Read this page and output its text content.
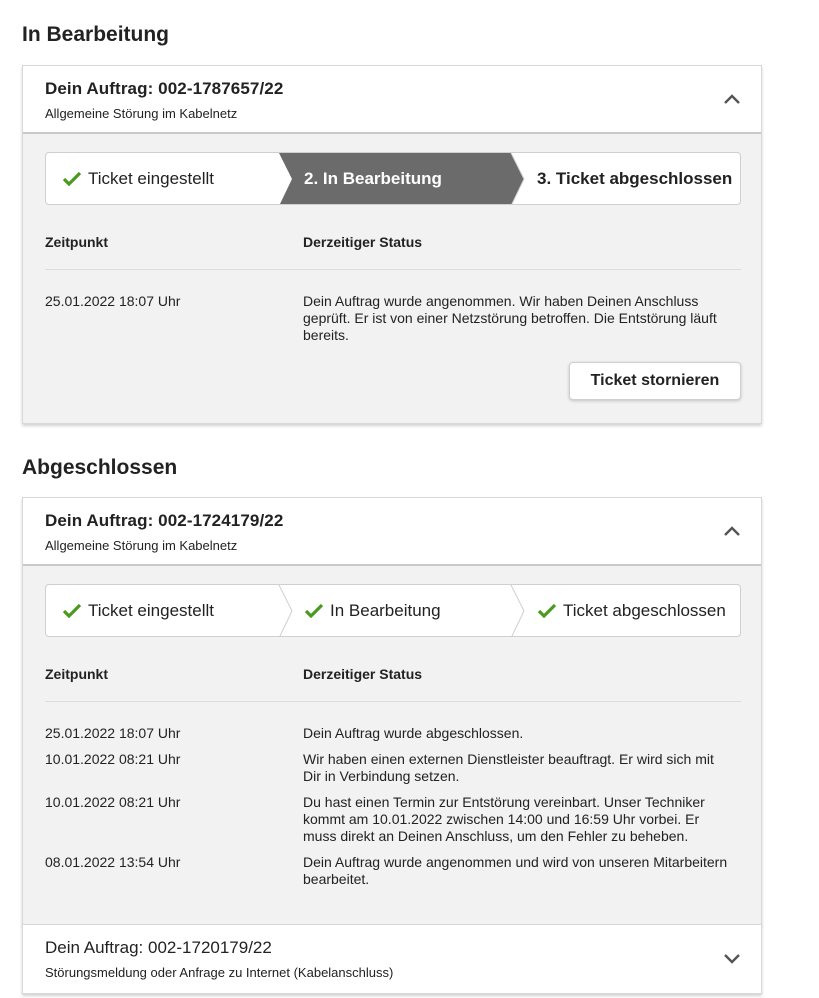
In Bearbeitung
Dein Auftrag: 002-1787657/22
Allgemeine Störung im Kabelnetz
Ticket eingestellt	2. In Bearbeitung	3. Ticket abgeschlossen
Zeitpunkt	Derzeitiger Status
25.01.2022 18:07 Uhr	Dein Auftrag wurde angenommen. Wir haben Deinen Anschluss geprüft. Er ist von einer Netzstörung betroffen. Die Entstörung läuft bereits.
Ticket stornieren
Abgeschlossen
Dein Auftrag: 002-1724179/22
Allgemeine Störung im Kabelnetz
Ticket eingestellt	In Bearbeitung	Ticket abgeschlossen
Zeitpunkt	Derzeitiger Status
25.01.2022 18:07 Uhr	Dein Auftrag wurde abgeschlossen.
10.01.2022 08:21 Uhr	Wir haben einen externen Dienstleister beauftragt. Er wird sich mit Dir in Verbindung setzen.
10.01.2022 08:21 Uhr	Du hast einen Termin zur Entstörung vereinbart. Unser Techniker kommt am 10.01.2022 zwischen 14:00 und 16:59 Uhr vorbei. Er muss direkt an Deinen Anschluss, um den Fehler zu beheben.
08.01.2022 13:54 Uhr	Dein Auftrag wurde angenommen und wird von unseren Mitarbeitern bearbeitet.
Dein Auftrag: 002-1720179/22
Störungsmeldung oder Anfrage zu Internet (Kabelanschluss)
